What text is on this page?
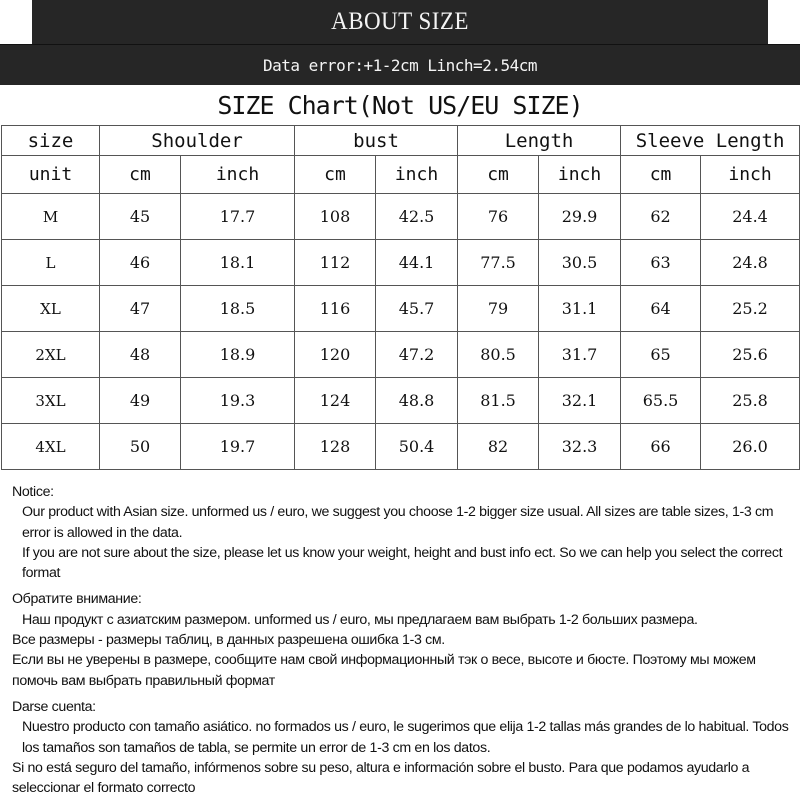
ABOUT SIZE
Data error:+1-2cm Linch=2.54cm
SIZE Chart(Not US/EU SIZE)
size	Shoulder		bust		Length		Sleeve Length	
unit	cm	inch	cm	inch	cm	inch	cm	inch
M	45	17.7	108	42.5	76	29.9	62	24.4
L	46	18.1	112	44.1	77.5	30.5	63	24.8
XL	47	18.5	116	45.7	79	31.1	64	25.2
2XL	48	18.9	120	47.2	80.5	31.7	65	25.6
3XL	49	19.3	124	48.8	81.5	32.1	65.5	25.8
4XL	50	19.7	128	50.4	82	32.3	66	26.0
Notice:
Our product with Asian size. unformed us / euro, we suggest you choose 1-2 bigger size usual. All sizes are table sizes, 1-3 cm error is allowed in the data.
If you are not sure about the size, please let us know your weight, height and bust info ect. So we can help you select the correct format
Обратите внимание:
Наш продукт с азиатским размером. unformed us / euro, мы предлагаем вам выбрать 1-2 больших размера.
Все размеры - размеры таблиц, в данных разрешена ошибка 1-3 см.
Если вы не уверены в размере, сообщите нам свой информационный тэк о весе, высоте и бюсте. Поэтому мы можем помочь вам выбрать правильный формат
Darse cuenta:
Nuestro producto con tamaño asiático. no formados us / euro, le sugerimos que elija 1-2 tallas más grandes de lo habitual. Todos los tamaños son tamaños de tabla, se permite un error de 1-3 cm en los datos.
Si no está seguro del tamaño, infórmenos sobre su peso, altura e información sobre el busto. Para que podamos ayudarlo a seleccionar el formato correcto
